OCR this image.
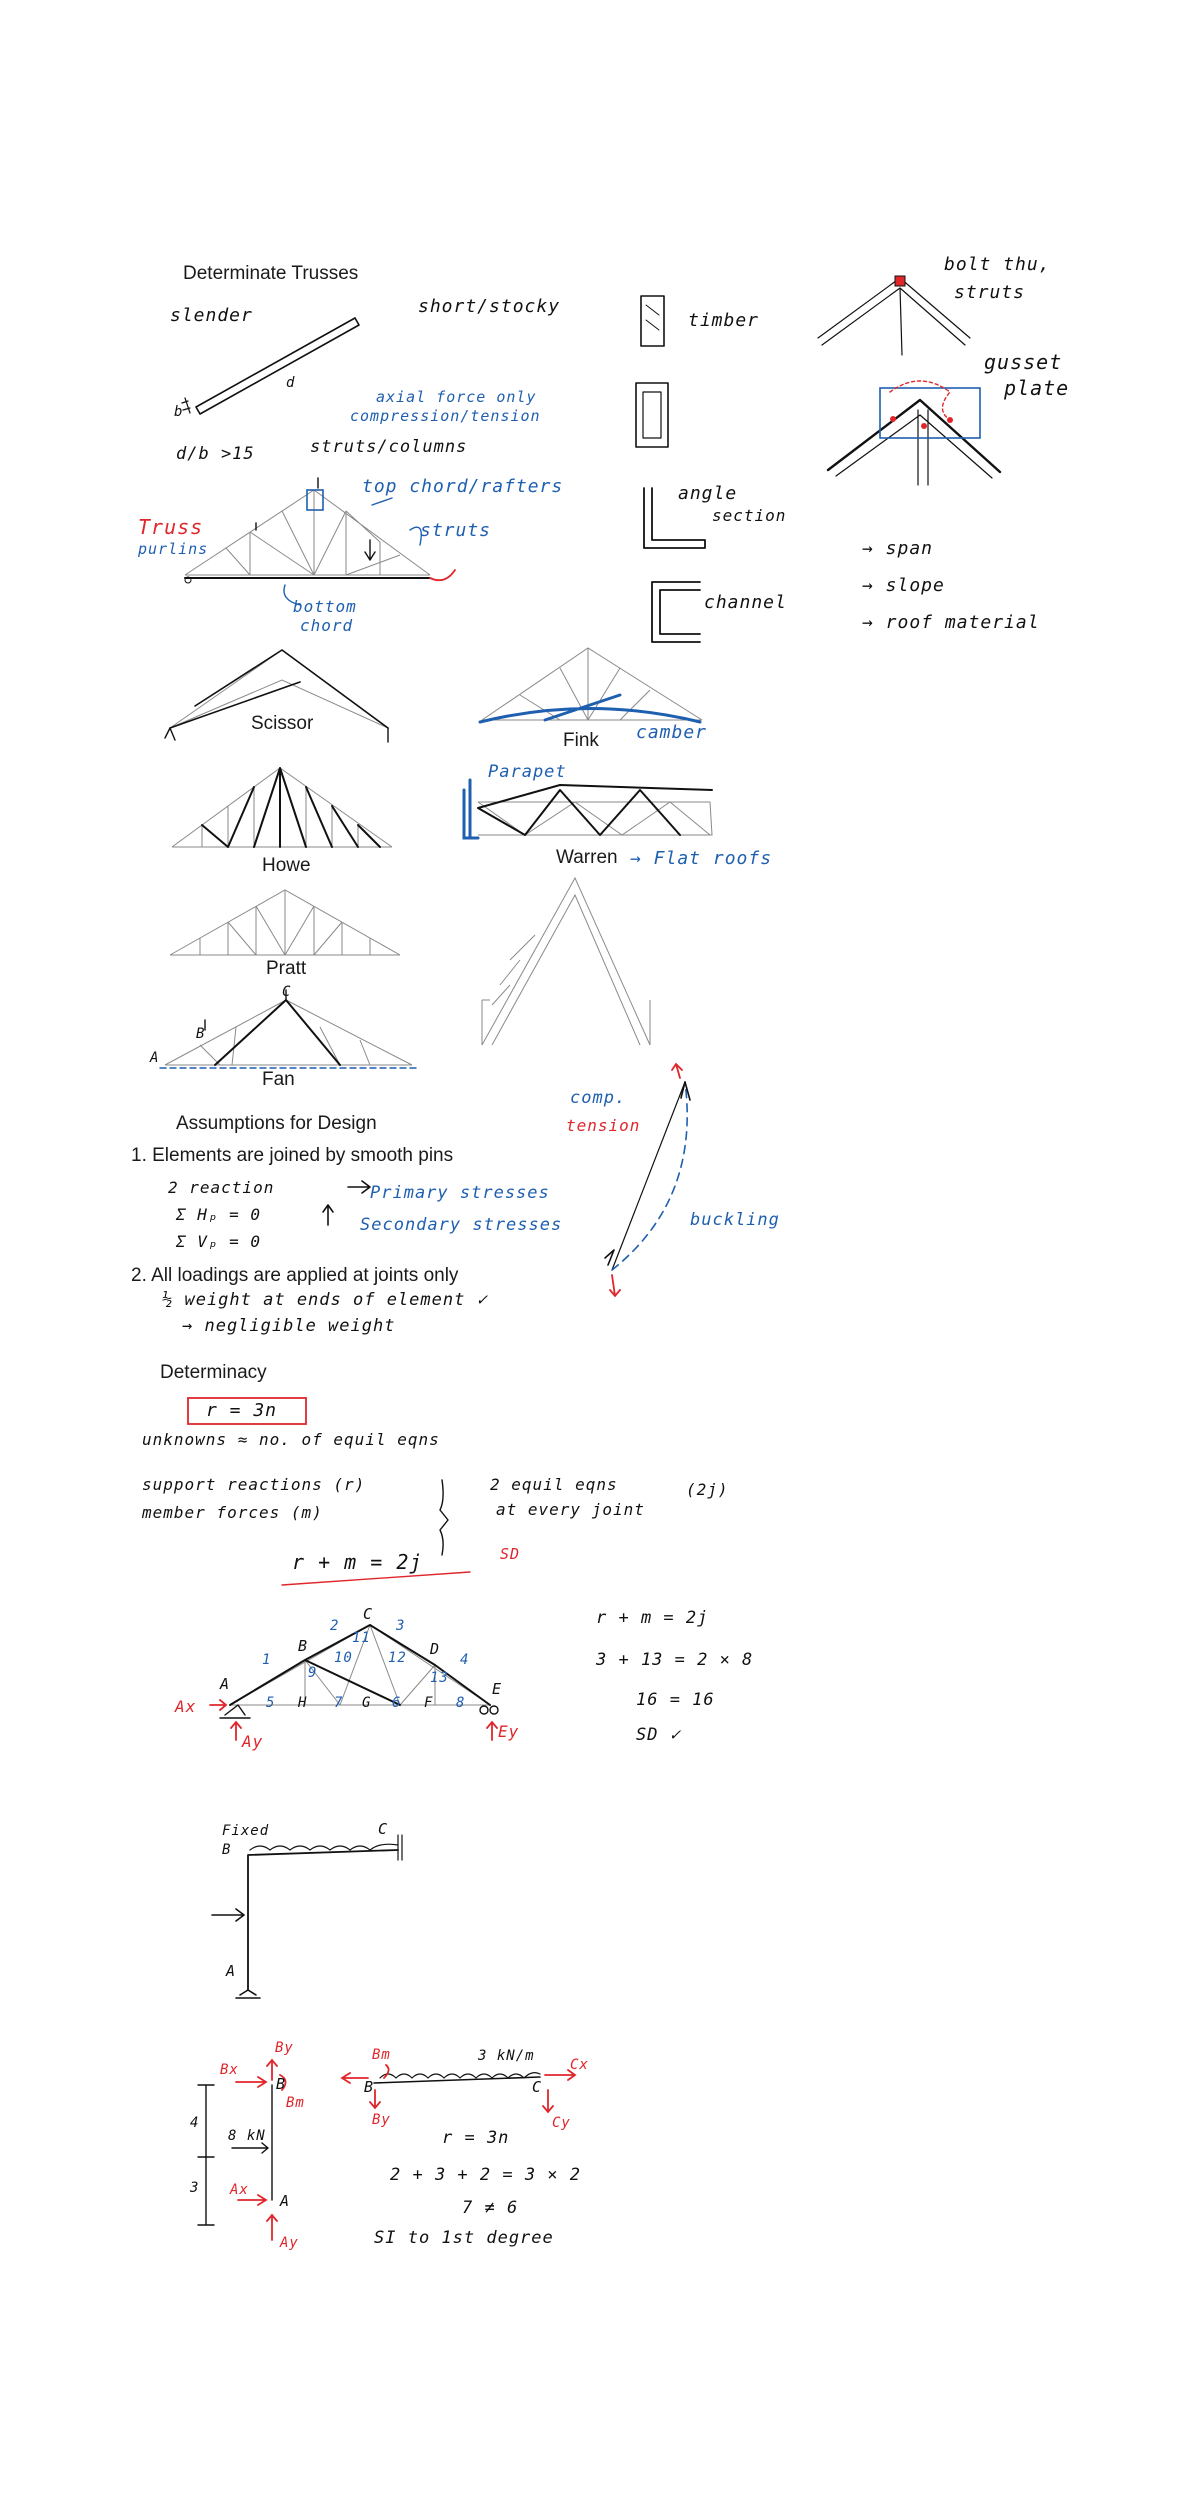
Determinate Trusses
slender	short/stocky
d
b
d/b >15	struts/columns
axial force only
compression/tension
Truss
purlins
top chord/rafters
struts
bottom
chord
timber
angle
section
channel
bolt thu,
struts
gusset
plate
→ span
→ slope
→ roof material
Scissor
Fink camber
Howe
Parapet
Warren → Flat roofs
Pratt
Fan
A
B
C
Assumptions for Design
1. Elements are joined by smooth pins
2 reaction
Σ Hₚ = 0
Σ Vₚ = 0
Primary stresses
Secondary stresses
2. All loadings are applied at joints only
½ weight at ends of element ✓
→ negligible weight
comp.
tension
buckling
Determinacy
r = 3n
unknowns ≈ no. of equil eqns
support reactions (r)
member forces (m)
2 equil eqns
at every joint
(2j)
r + m = 2j	SD
A
B
C
D
E
F
G
H
1
2	3
4
5	6
7	8
9
10
11
12
13
Ax
Ay
Ey
r + m = 2j
3 + 13 = 2 × 8
16 = 16
SD ✓
Fixed
B
C
A
Bx
By
Bm
B
A
8 kN
4
3 Ax
Ay
3 kN/m
Bm
B
By
C
Cx
Cy
r = 3n
2 + 3 + 2 = 3 × 2
7 ≠ 6
SI to 1st degree
